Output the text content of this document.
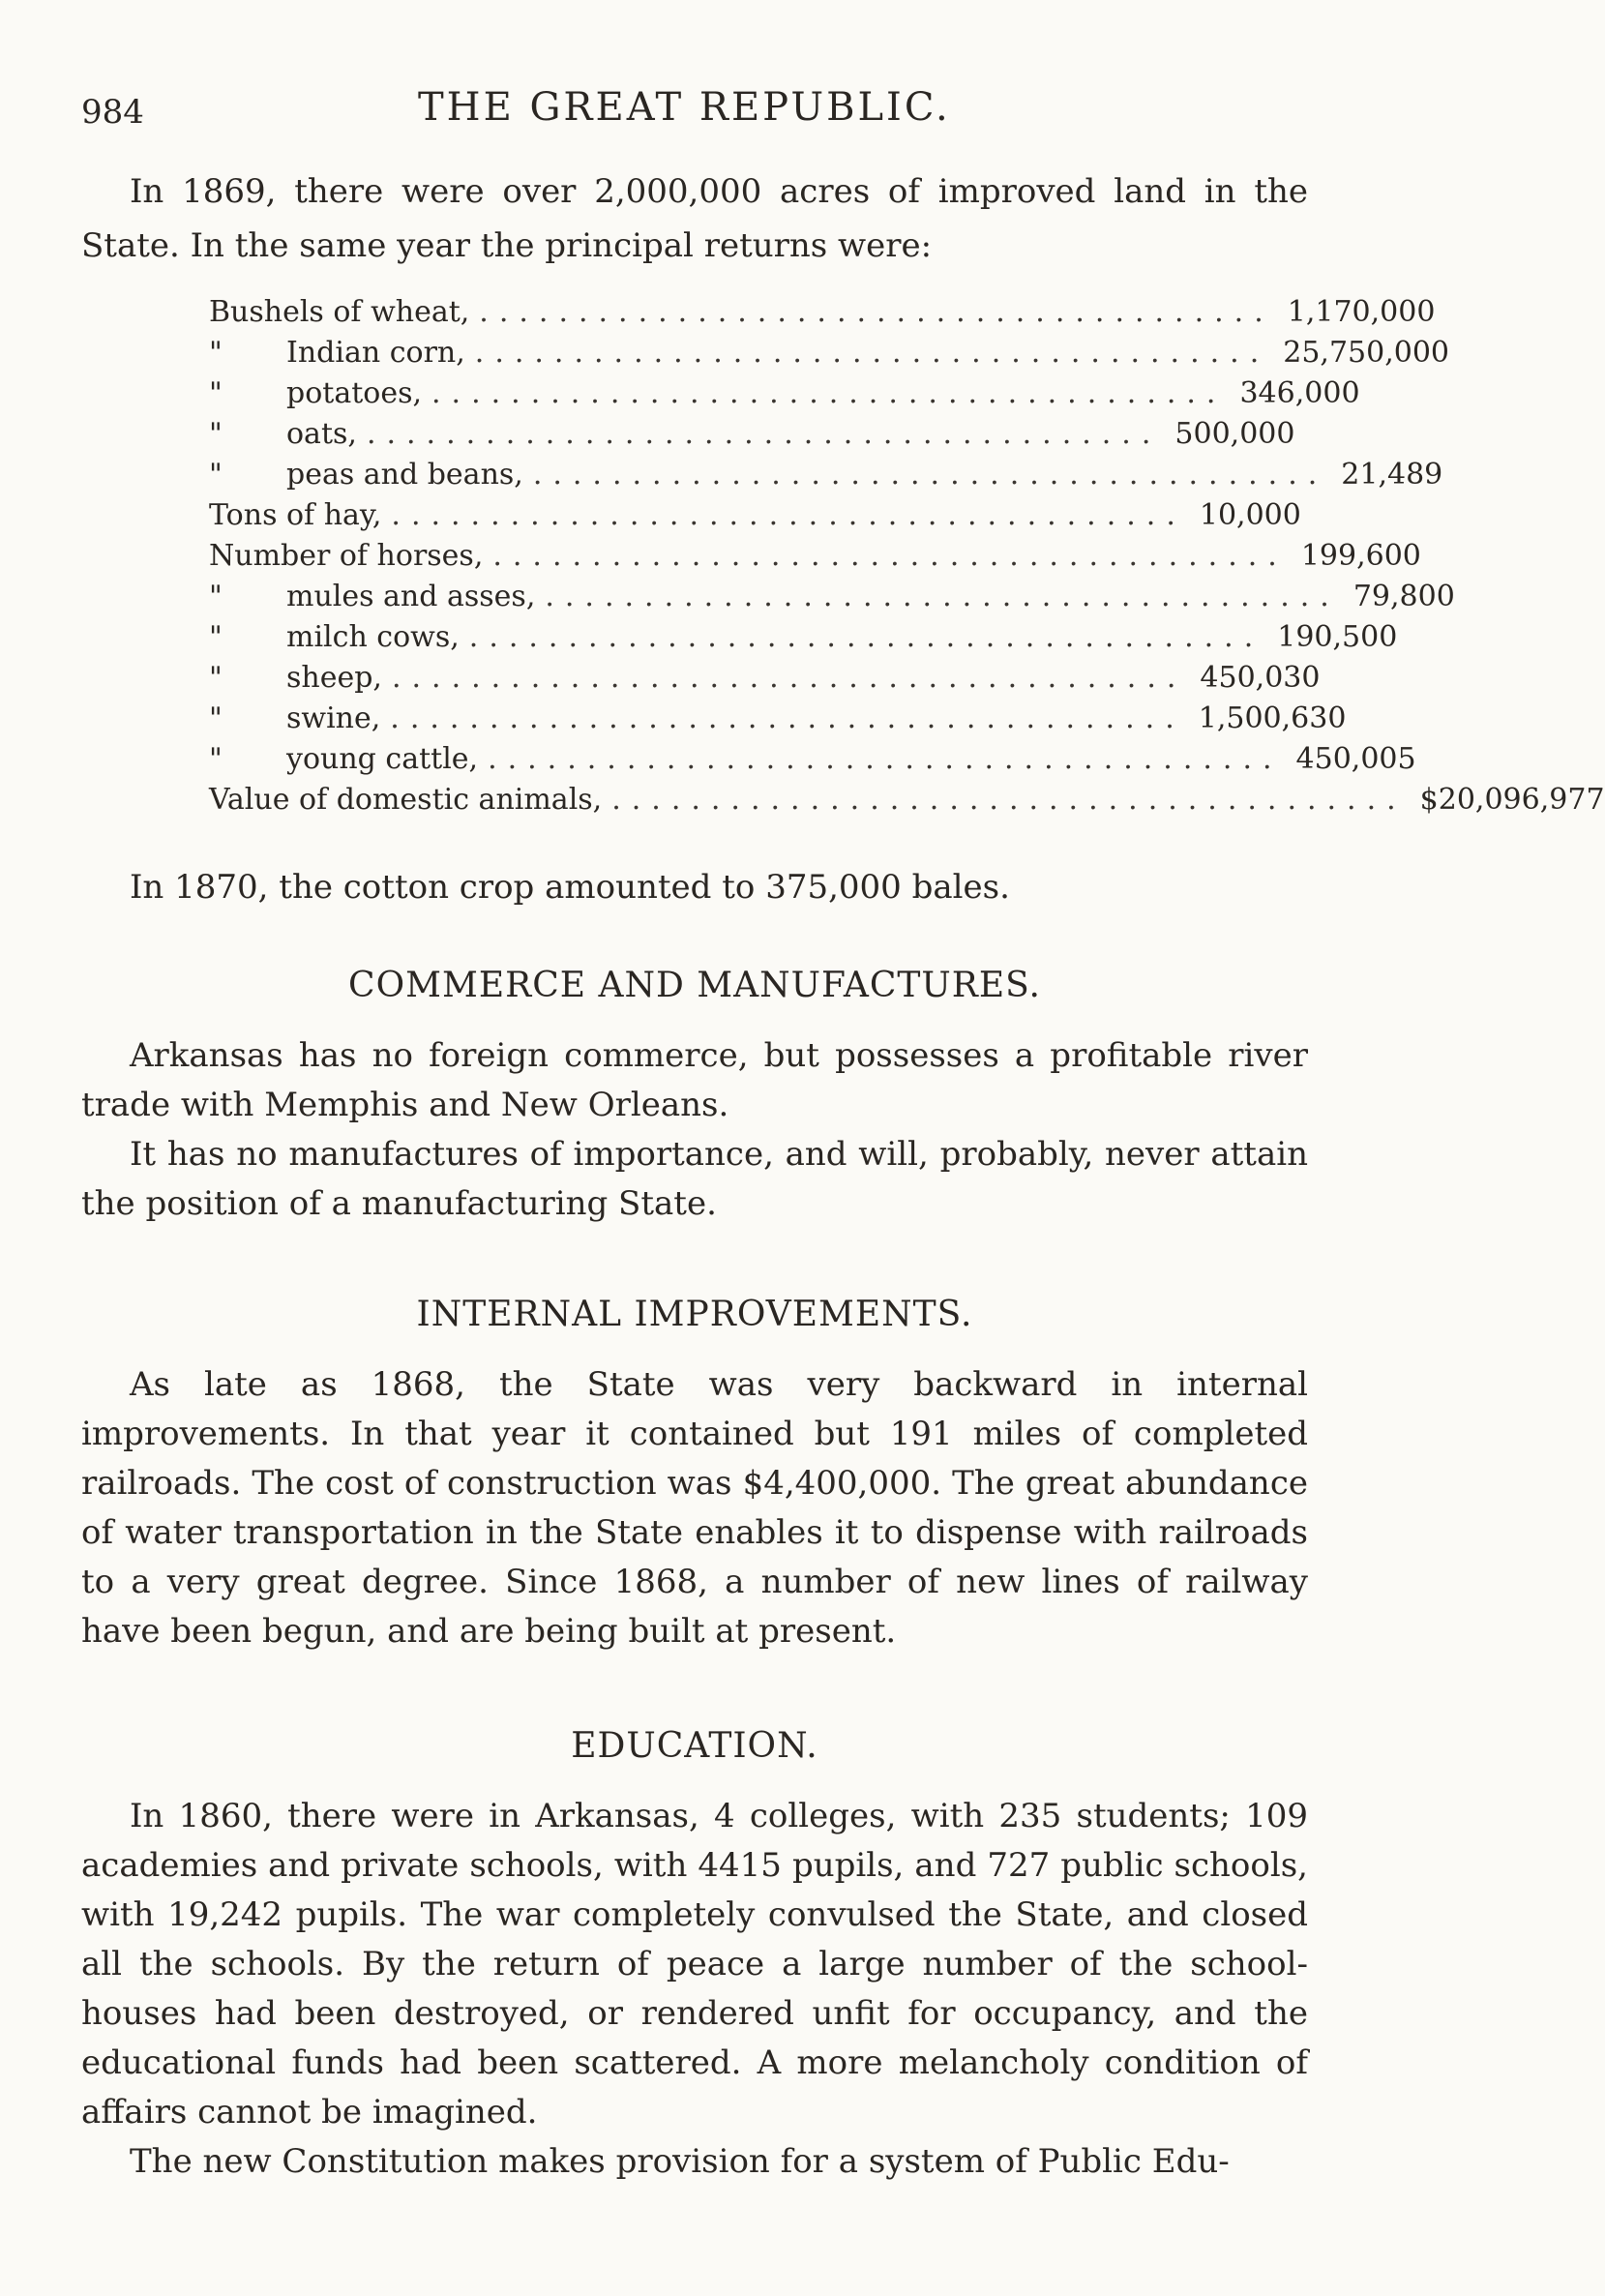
984	THE GREAT REPUBLIC.
In 1869, there were over 2,000,000 acres of improved land in the State. In the same year the principal returns were:
Bushels of wheat, ........................................ 1,170,000
" Indian corn, ........................................ 25,750,000
" potatoes, ........................................ 346,000
" oats, ........................................ 500,000
" peas and beans, ........................................ 21,489
Tons of hay, ........................................ 10,000
Number of horses, ........................................ 199,600
" mules and asses, ........................................ 79,800
" milch cows, ........................................ 190,500
" sheep, ........................................ 450,030
" swine, ........................................ 1,500,630
" young cattle, ........................................ 450,005
Value of domestic animals, ........................................ $20,096,977

In 1870, the cotton crop amounted to 375,000 bales.

COMMERCE AND MANUFACTURES.

Arkansas has no foreign commerce, but possesses a profitable river trade with Memphis and New Orleans.

It has no manufactures of importance, and will, probably, never attain the position of a manufacturing State.

INTERNAL IMPROVEMENTS.

As late as 1868, the State was very backward in internal improvements. In that year it contained but 191 miles of completed railroads. The cost of construction was $4,400,000. The great abundance of water transportation in the State enables it to dispense with railroads to a very great degree. Since 1868, a number of new lines of railway have been begun, and are being built at present.

EDUCATION.

In 1860, there were in Arkansas, 4 colleges, with 235 students; 109 academies and private schools, with 4415 pupils, and 727 public schools, with 19,242 pupils. The war completely convulsed the State, and closed all the schools. By the return of peace a large number of the school-houses had been destroyed, or rendered unfit for occupancy, and the educational funds had been scattered. A more melancholy condition of affairs cannot be imagined.

The new Constitution makes provision for a system of Public Edu-
